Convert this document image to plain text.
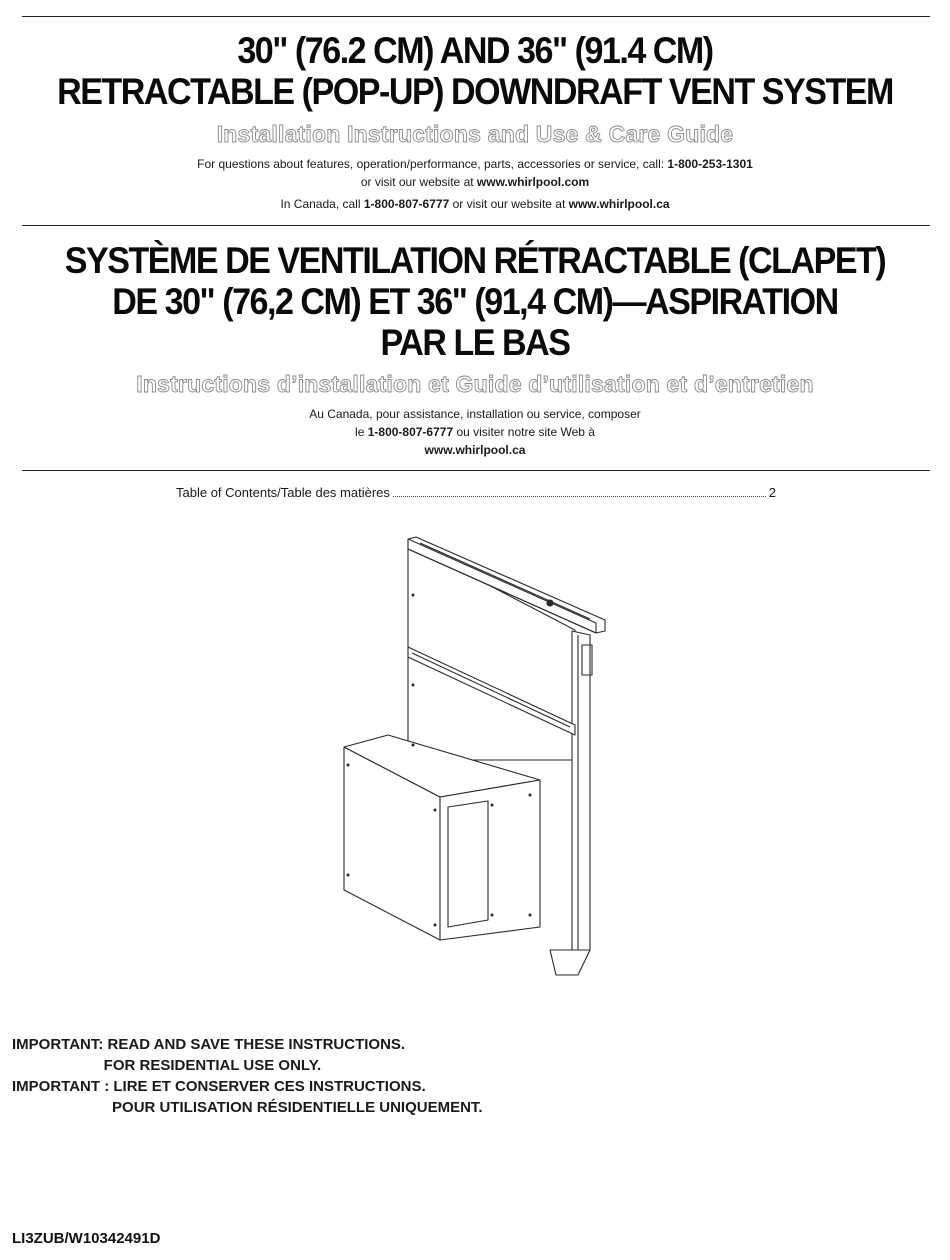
30" (76.2 CM) AND 36" (91.4 CM)
RETRACTABLE (POP-UP) DOWNDRAFT VENT SYSTEM
Installation Instructions and Use & Care Guide
For questions about features, operation/performance, parts, accessories or service, call: 1-800-253-1301
or visit our website at www.whirlpool.com
In Canada, call 1-800-807-6777 or visit our website at www.whirlpool.ca
SYSTÈME DE VENTILATION RÉTRACTABLE (CLAPET)
DE 30" (76,2 CM) ET 36" (91,4 CM)—ASPIRATION
PAR LE BAS
Instructions d’installation et Guide d’utilisation et d’entretien
Au Canada, pour assistance, installation ou service, composer
le 1-800-807-6777 ou visiter notre site Web à
www.whirlpool.ca
Table of Contents/Table des matières	2
IMPORTANT: READ AND SAVE THESE INSTRUCTIONS.
FOR RESIDENTIAL USE ONLY.
IMPORTANT : LIRE ET CONSERVER CES INSTRUCTIONS.
POUR UTILISATION RÉSIDENTIELLE UNIQUEMENT.
LI3ZUB/W10342491D
